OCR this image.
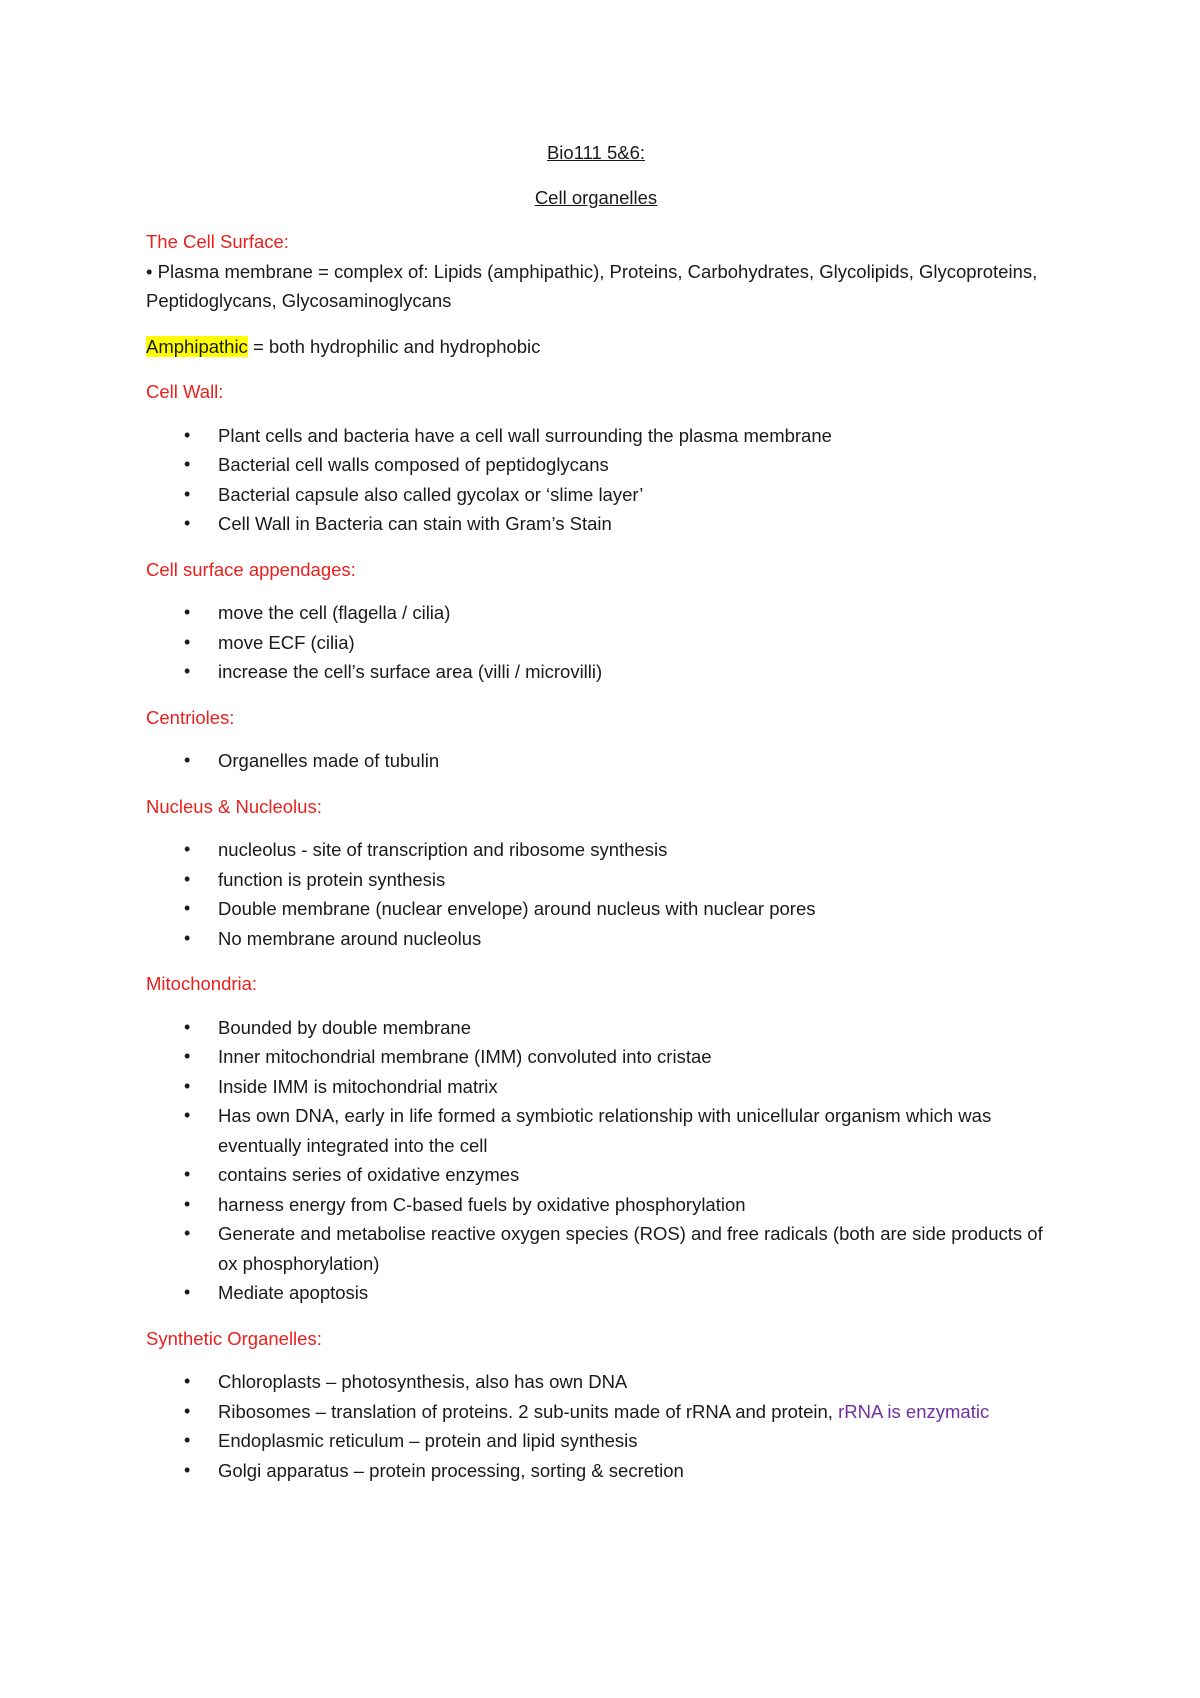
Bio111 5&6:

Cell organelles

The Cell Surface:

• Plasma membrane = complex of: Lipids (amphipathic), Proteins, Carbohydrates, Glycolipids, Glycoproteins, Peptidoglycans, Glycosaminoglycans

Amphipathic = both hydrophilic and hydrophobic

Cell Wall:

• Plant cells and bacteria have a cell wall surrounding the plasma membrane
• Bacterial cell walls composed of peptidoglycans
• Bacterial capsule also called gycolax or ‘slime layer’
• Cell Wall in Bacteria can stain with Gram’s Stain

Cell surface appendages:

• move the cell (flagella / cilia)
• move ECF (cilia)
• increase the cell’s surface area (villi / microvilli)

Centrioles:

• Organelles made of tubulin

Nucleus & Nucleolus:

• nucleolus - site of transcription and ribosome synthesis
• function is protein synthesis
• Double membrane (nuclear envelope) around nucleus with nuclear pores
• No membrane around nucleolus

Mitochondria:

• Bounded by double membrane
• Inner mitochondrial membrane (IMM) convoluted into cristae
• Inside IMM is mitochondrial matrix
• Has own DNA, early in life formed a symbiotic relationship with unicellular organism which was eventually integrated into the cell
• contains series of oxidative enzymes
• harness energy from C-based fuels by oxidative phosphorylation
• Generate and metabolise reactive oxygen species (ROS) and free radicals (both are side products of ox phosphorylation)
• Mediate apoptosis

Synthetic Organelles:

• Chloroplasts – photosynthesis, also has own DNA
• Ribosomes – translation of proteins. 2 sub-units made of rRNA and protein, rRNA is enzymatic
• Endoplasmic reticulum – protein and lipid synthesis
• Golgi apparatus – protein processing, sorting & secretion
